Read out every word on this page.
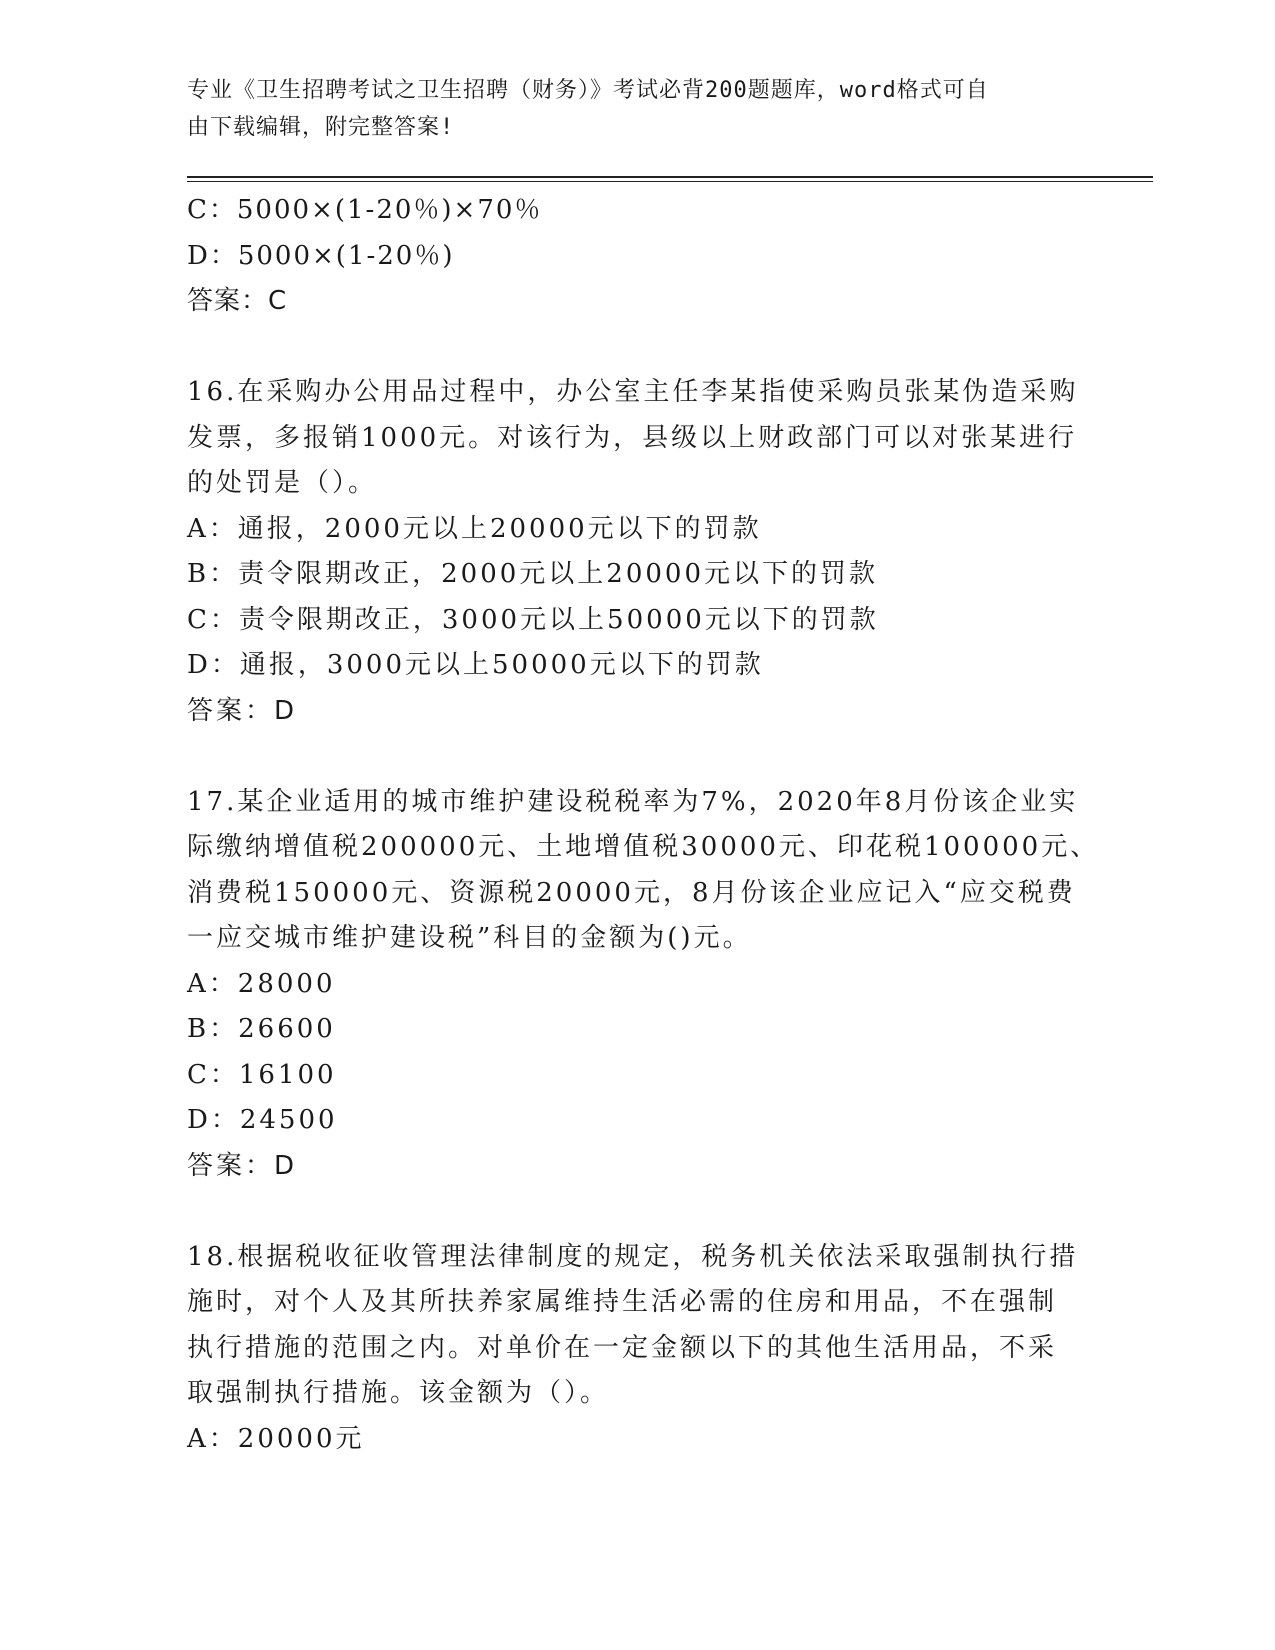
专业《卫生招聘考试之卫生招聘（财务）》考试必背200题题库，word格式可自
由下载编辑，附完整答案!
C：5000×(1-20％)×70％
D：5000×(1-20％)
答案：C
16.在采购办公用品过程中，办公室主任李某指使采购员张某伪造采购
发票，多报销1000元。对该行为，县级以上财政部门可以对张某进行
的处罚是（）。
A：通报，2000元以上20000元以下的罚款
B：责令限期改正，2000元以上20000元以下的罚款
C：责令限期改正，3000元以上50000元以下的罚款
D：通报，3000元以上50000元以下的罚款
答案：D
17.某企业适用的城市维护建设税税率为7%，2020年8月份该企业实
际缴纳增值税200000元、土地增值税30000元、印花税100000元、
消费税150000元、资源税20000元，8月份该企业应记入“应交税费
一应交城市维护建设税”科目的金额为()元。
A：28000
B：26600
C：16100
D：24500
答案：D
18.根据税收征收管理法律制度的规定，税务机关依法采取强制执行措
施时，对个人及其所扶养家属维持生活必需的住房和用品，不在强制
执行措施的范围之内。对单价在一定金额以下的其他生活用品，不采
取强制执行措施。该金额为（）。
A：20000元
